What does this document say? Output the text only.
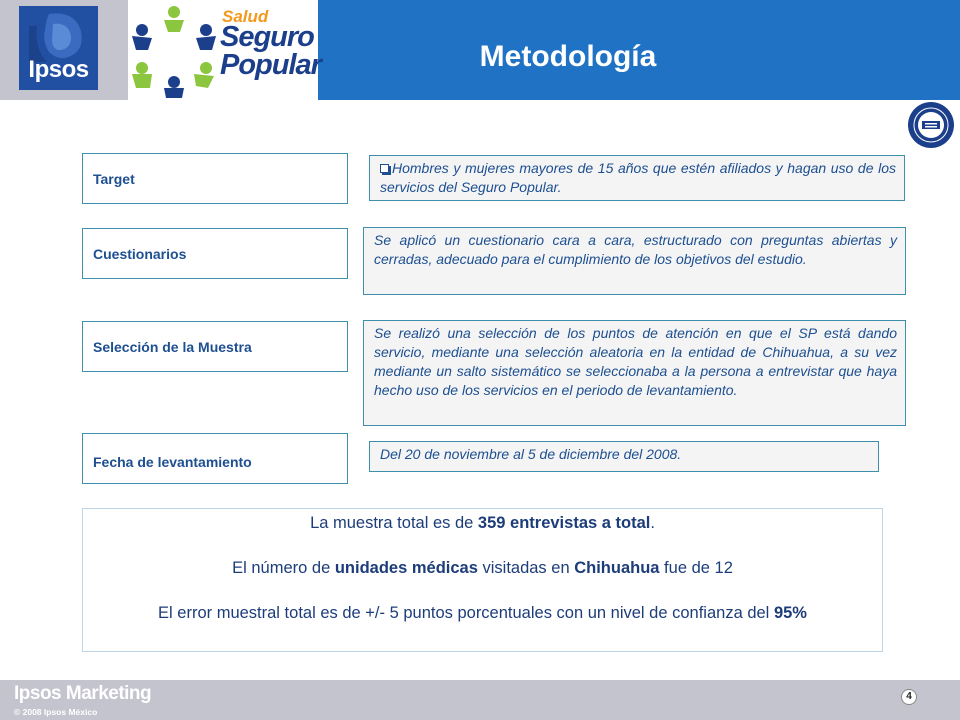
Metodología
Ipsos
Salud
Seguro
Popular
Target
Hombres y mujeres mayores de 15 años que estén afiliados y hagan uso de los servicios del Seguro Popular.
Cuestionarios
Se aplicó un cuestionario cara a cara, estructurado con preguntas abiertas y cerradas, adecuado para el cumplimiento de los objetivos del estudio.
Selección de la Muestra
Se realizó una selección de los puntos de atención en que el SP está dando servicio, mediante una selección aleatoria en la entidad de Chihuahua, a su vez mediante un salto sistemático se seleccionaba a la persona a entrevistar que haya hecho uso de los servicios en el periodo de levantamiento.
Fecha de levantamiento	Del 20 de noviembre al 5 de diciembre del 2008.

La muestra total es de 359 entrevistas a total.

El número de unidades médicas visitadas en Chihuahua fue de 12

El error muestral total es de +/- 5 puntos porcentuales con un nivel de confianza del 95%

Ipsos Marketing
© 2008 Ipsos México
4
